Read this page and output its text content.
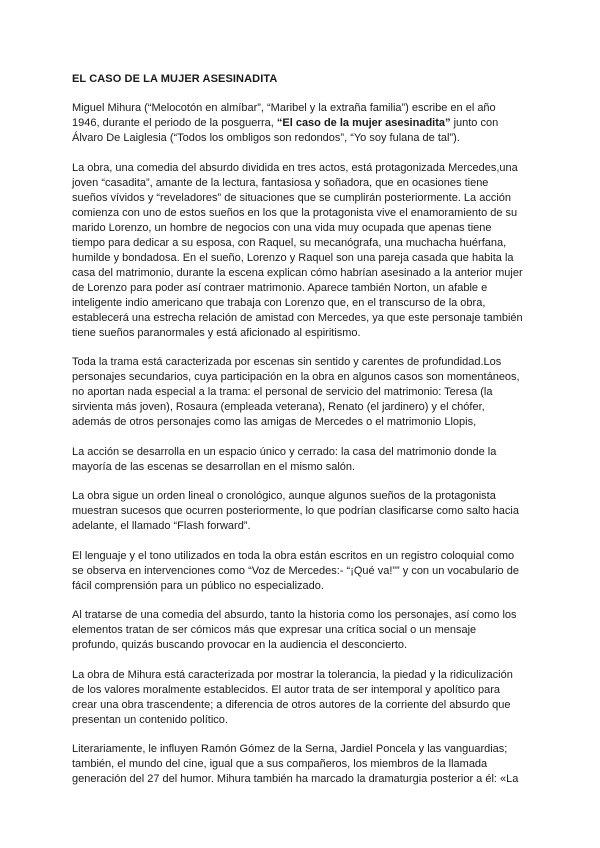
EL CASO DE LA MUJER ASESINADITA
Miguel Mihura (“Melocotón en almíbar”, “Maribel y la extraña familia”) escribe en el año
1946, durante el periodo de la posguerra, “El caso de la mujer asesinadita” junto con
Álvaro De Laiglesia (“Todos los ombligos son redondos”, “Yo soy fulana de tal”).
La obra, una comedia del absurdo dividida en tres actos, está protagonizada Mercedes,una
joven “casadita”, amante de la lectura, fantasiosa y soñadora, que en ocasiones tiene
sueños vívidos y “reveladores” de situaciones que se cumplirán posteriormente. La acción
comienza con uno de estos sueños en los que la protagonista vive el enamoramiento de su
marido Lorenzo, un hombre de negocios con una vida muy ocupada que apenas tiene
tiempo para dedicar a su esposa, con Raquel, su mecanógrafa, una muchacha huérfana,
humilde y bondadosa. En el sueño, Lorenzo y Raquel son una pareja casada que habita la
casa del matrimonio, durante la escena explican cómo habrían asesinado a la anterior mujer
de Lorenzo para poder así contraer matrimonio. Aparece también Norton, un afable e
inteligente indio americano que trabaja con Lorenzo que, en el transcurso de la obra,
establecerá una estrecha relación de amistad con Mercedes, ya que este personaje también
tiene sueños paranormales y está aficionado al espiritismo.
Toda la trama está caracterizada por escenas sin sentido y carentes de profundidad.Los
personajes secundarios, cuya participación en la obra en algunos casos son momentáneos,
no aportan nada especial a la trama: el personal de servicio del matrimonio: Teresa (la
sirvienta más joven), Rosaura (empleada veterana), Renato (el jardinero) y el chófer,
además de otros personajes como las amigas de Mercedes o el matrimonio Llopis,
La acción se desarrolla en un espacio único y cerrado: la casa del matrimonio donde la
mayoría de las escenas se desarrollan en el mismo salón.
La obra sigue un orden lineal o cronológico, aunque algunos sueños de la protagonista
muestran sucesos que ocurren posteriormente, lo que podrían clasificarse como salto hacia
adelante, el llamado “Flash forward”.
El lenguaje y el tono utilizados en toda la obra están escritos en un registro coloquial como
se observa en intervenciones como “Voz de Mercedes:- “¡Qué va!”” y con un vocabulario de
fácil comprensión para un público no especializado.
Al tratarse de una comedia del absurdo, tanto la historia como los personajes, así como los
elementos tratan de ser cómicos más que expresar una crítica social o un mensaje
profundo, quizás buscando provocar en la audiencia el desconcierto.
La obra de Mihura está caracterizada por mostrar la tolerancia, la piedad y la ridiculización
de los valores moralmente establecidos. El autor trata de ser intemporal y apolítico para
crear una obra trascendente; a diferencia de otros autores de la corriente del absurdo que
presentan un contenido político.
Literariamente, le influyen Ramón Gómez de la Serna, Jardiel Poncela y las vanguardias;
también, el mundo del cine, igual que a sus compañeros, los miembros de la llamada
generación del 27 del humor. Mihura también ha marcado la dramaturgia posterior a él: «La
